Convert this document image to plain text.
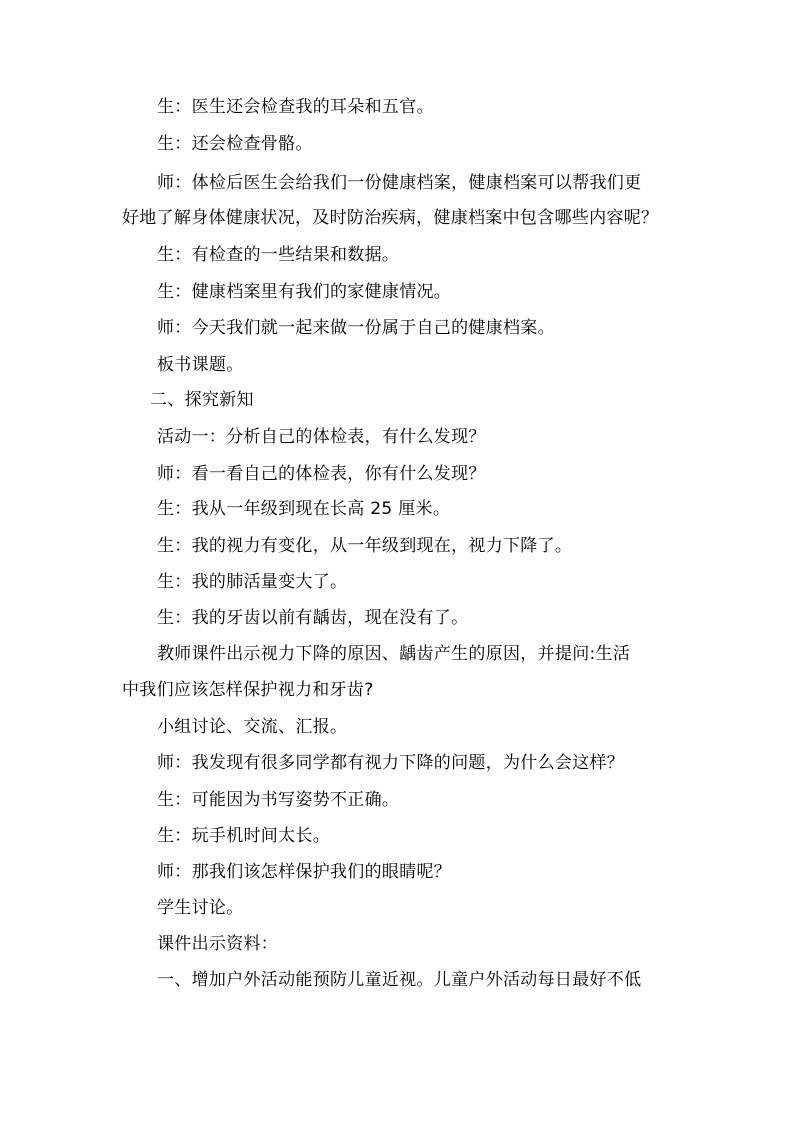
生：医生还会检查我的耳朵和五官。
生：还会检查骨骼。
师：体检后医生会给我们一份健康档案，健康档案可以帮我们更
好地了解身体健康状况，及时防治疾病，健康档案中包含哪些内容呢？
生：有检查的一些结果和数据。
生：健康档案里有我们的家健康情况。
师：今天我们就一起来做一份属于自己的健康档案。
板书课题。
二、探究新知
活动一：分析自己的体检表，有什么发现？
师：看一看自己的体检表，你有什么发现？
生：我从一年级到现在长高 25 厘米。
生：我的视力有变化，从一年级到现在，视力下降了。
生：我的肺活量变大了。
生：我的牙齿以前有龋齿，现在没有了。
教师课件出示视力下降的原因、龋齿产生的原因，并提问:生活
中我们应该怎样保护视力和牙齿?
小组讨论、交流、汇报。
师：我发现有很多同学都有视力下降的问题，为什么会这样？
生：可能因为书写姿势不正确。
生：玩手机时间太长。
师：那我们该怎样保护我们的眼睛呢？
学生讨论。
课件出示资料：
一、增加户外活动能预防儿童近视。儿童户外活动每日最好不低
